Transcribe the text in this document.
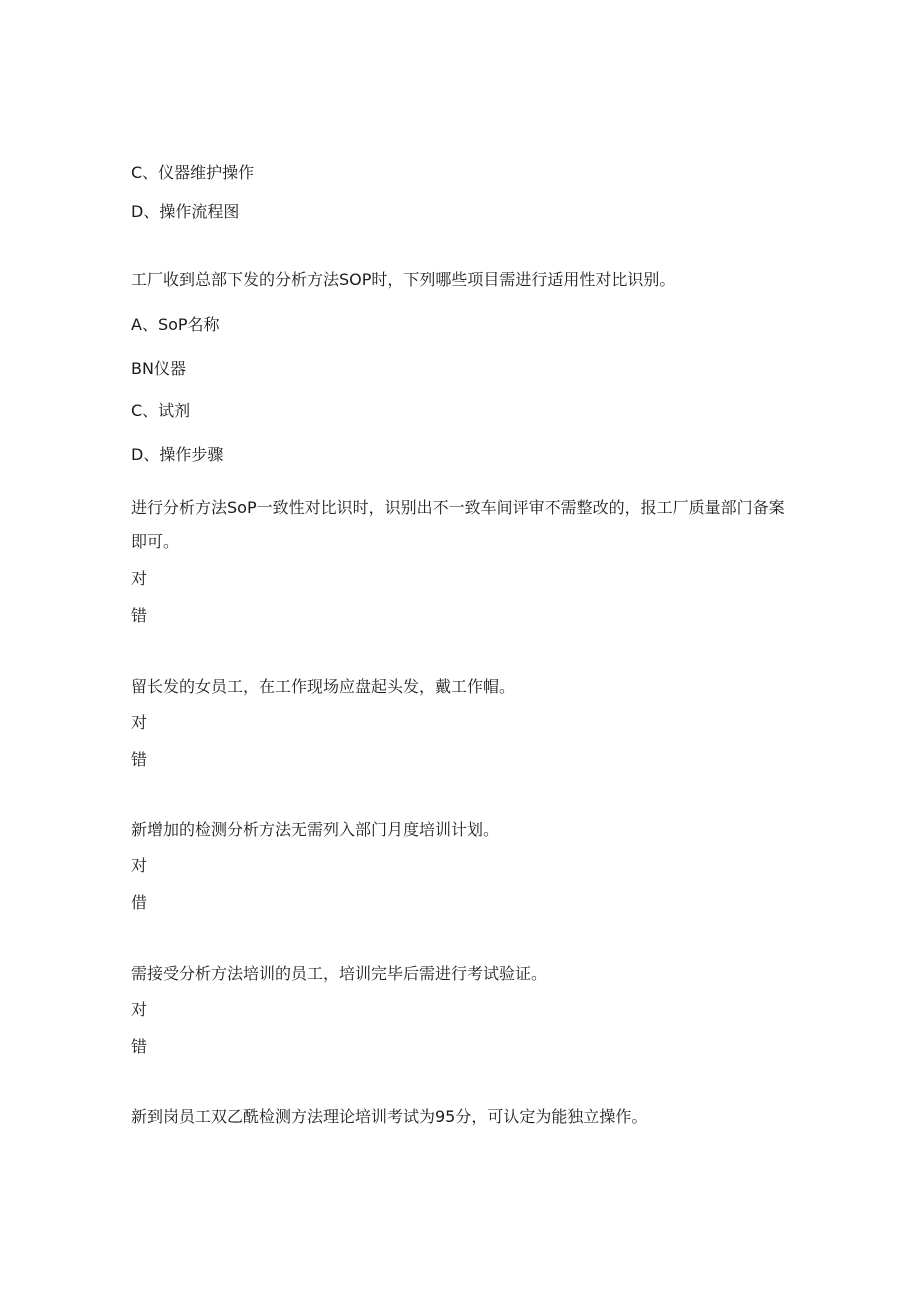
C、仪器维护操作
D、操作流程图
工厂收到总部下发的分析方法SOP时，下列哪些项目需进行适用性对比识别。
A、SoP名称
BN仪器
C、试剂
D、操作步骤
进行分析方法SoP一致性对比识时，识别出不一致车间评审不需整改的，报工厂质量部门备案即可。
对
错
留长发的女员工，在工作现场应盘起头发，戴工作帽。
对
错
新增加的检测分析方法无需列入部门月度培训计划。
对
借
需接受分析方法培训的员工，培训完毕后需进行考试验证。
对
错
新到岗员工双乙酰检测方法理论培训考试为95分，可认定为能独立操作。
